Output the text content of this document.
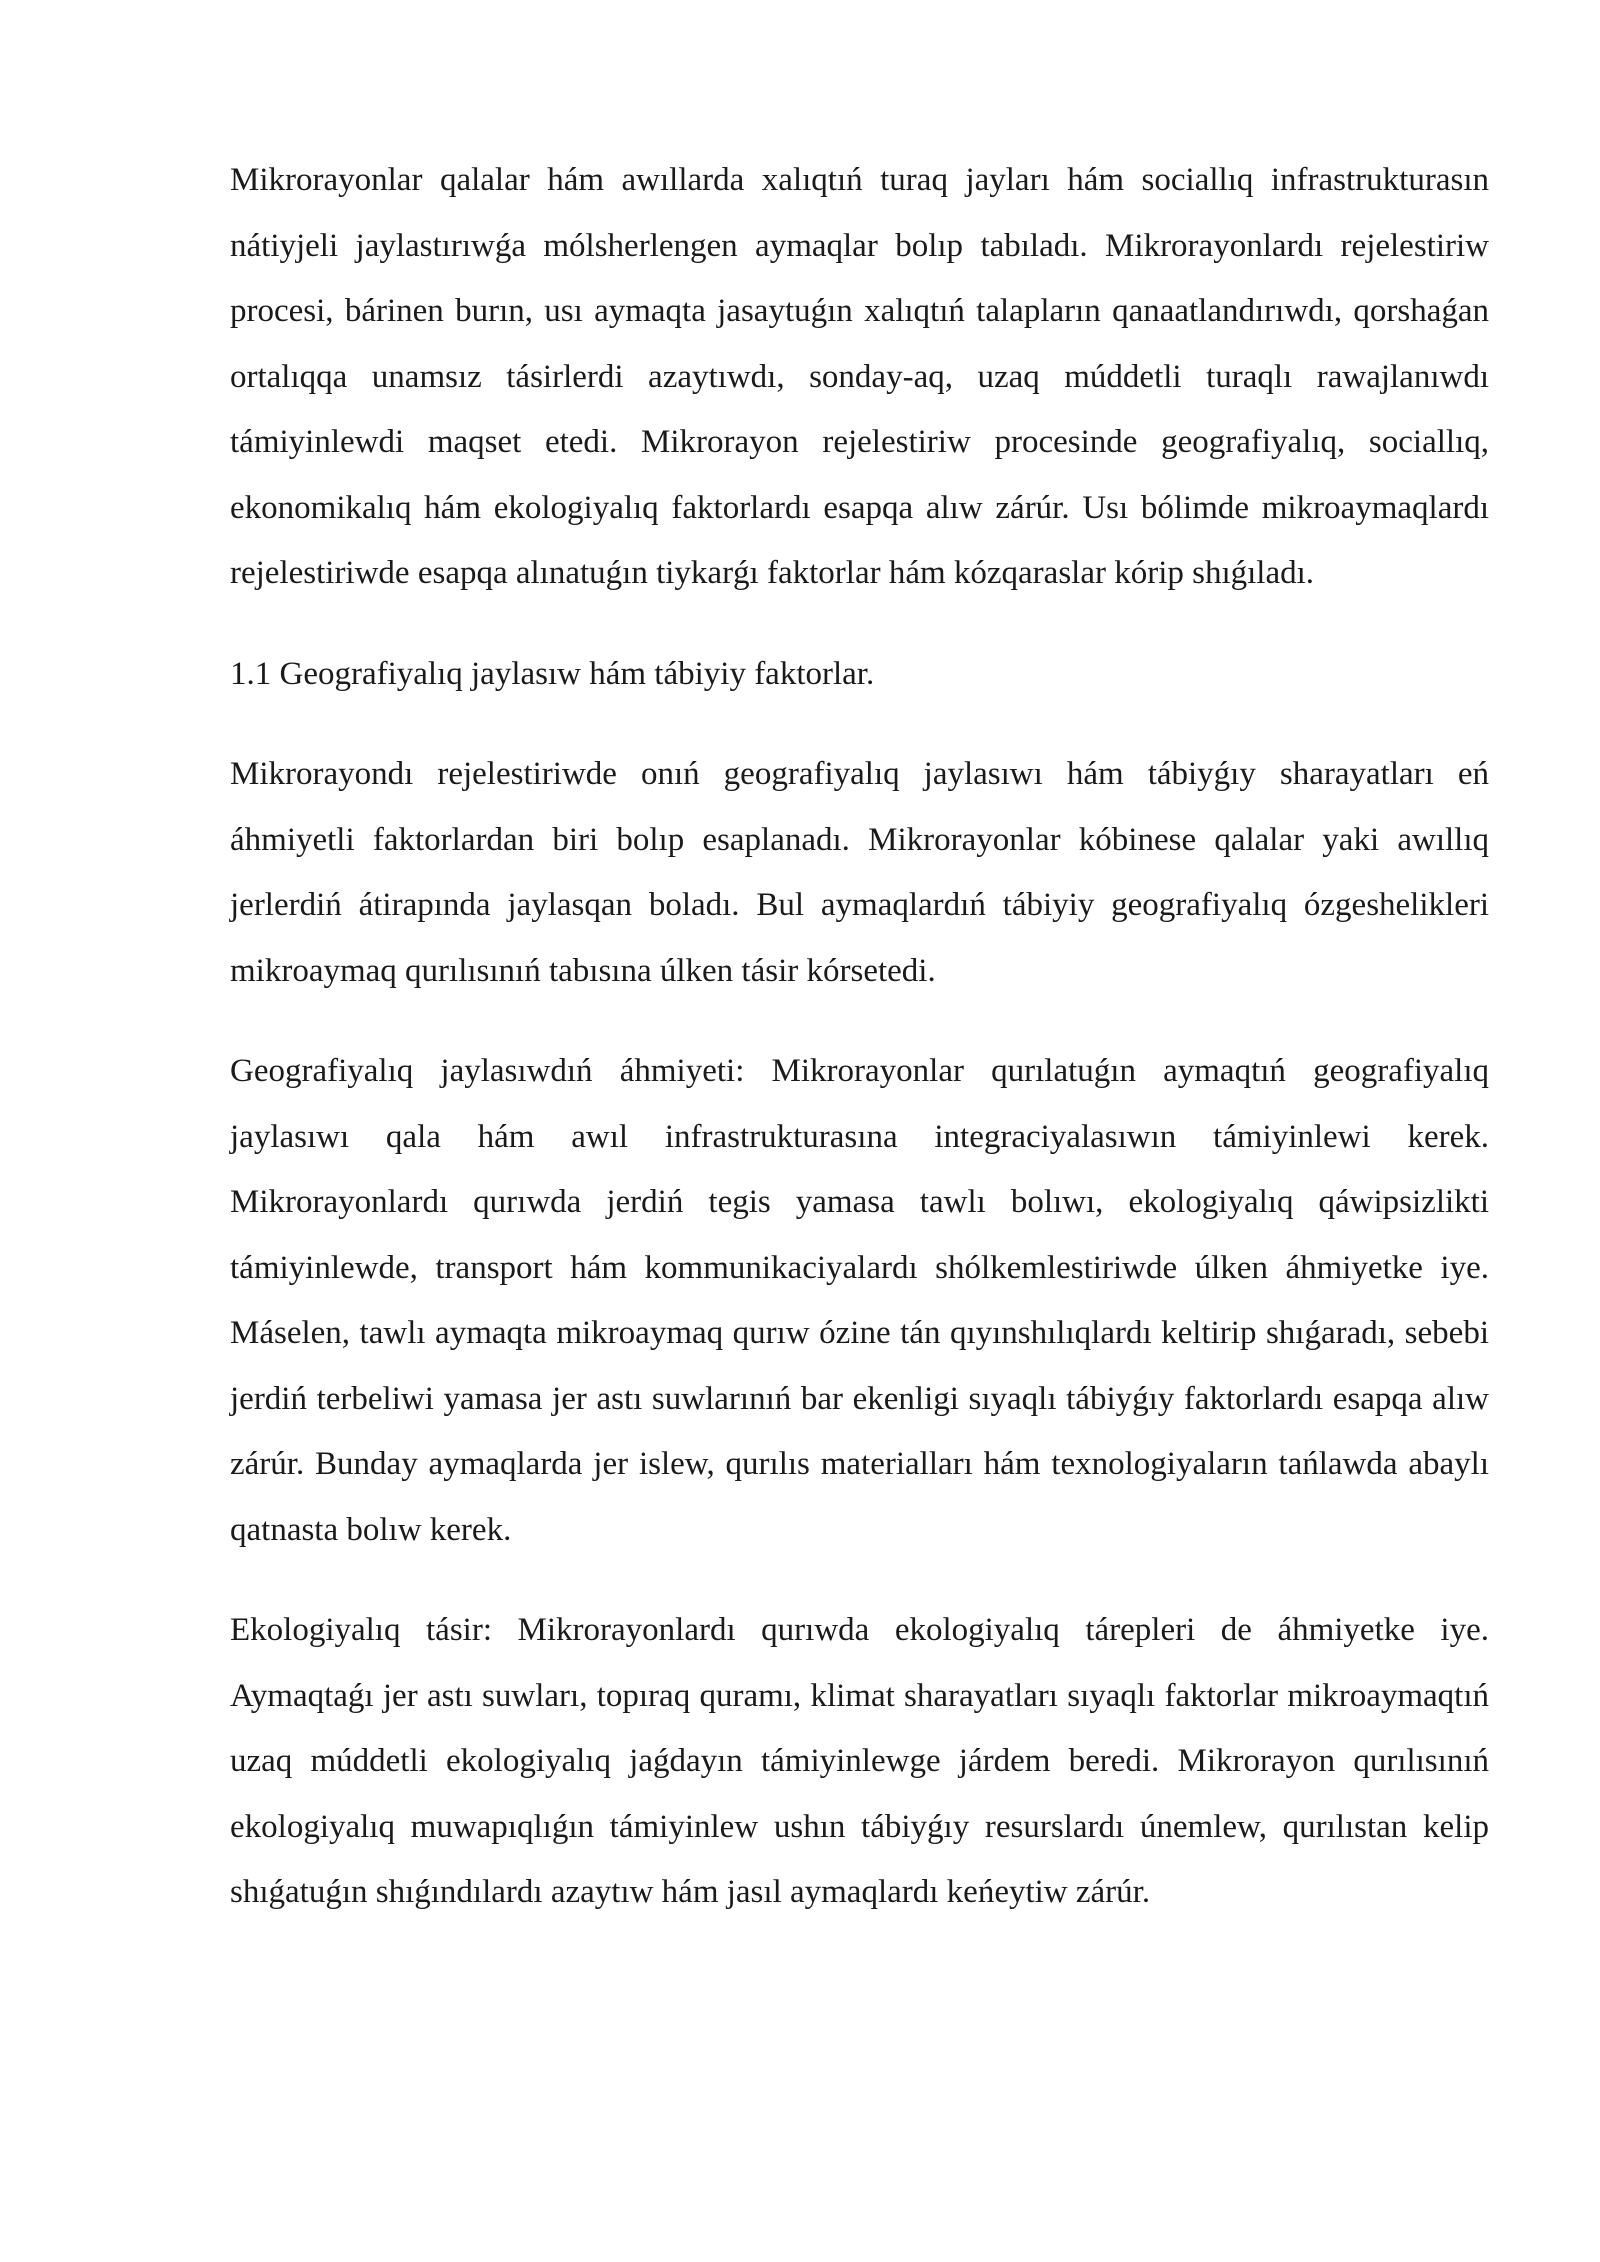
Mikrorayonlar qalalar hám awıllarda xalıqtıń turaq jayları hám sociallıq infrastrukturasın nátiyjeli jaylastırıwǵa mólsherlengen aymaqlar bolıp tabıladı. Mikrorayonlardı rejelestiriw procesi, bárinen burın, usı aymaqta jasaytuǵın xalıqtıń talapların qanaatlandırıwdı, qorshaǵan ortalıqqa unamsız tásirlerdi azaytıwdı, sonday-aq, uzaq múddetli turaqlı rawajlanıwdı támiyinlewdi maqset etedi. Mikrorayon rejelestiriw procesinde geografiyalıq, sociallıq, ekonomikalıq hám ekologiyalıq faktorlardı esapqa alıw zárúr. Usı bólimde mikroaymaqlardı rejelestiriwde esapqa alınatuǵın tiykarǵı faktorlar hám kózqaraslar kórip shıǵıladı.

1.1 Geografiyalıq jaylasıw hám tábiyiy faktorlar.

Mikrorayondı rejelestiriwde onıń geografiyalıq jaylasıwı hám tábiyǵıy sharayatları eń áhmiyetli faktorlardan biri bolıp esaplanadı. Mikrorayonlar kóbinese qalalar yaki awıllıq jerlerdiń átirapında jaylasqan boladı. Bul aymaqlardıń tábiyiy geografiyalıq ózgeshelikleri mikroaymaq qurılısınıń tabısına úlken tásir kórsetedi.

Geografiyalıq jaylasıwdıń áhmiyeti: Mikrorayonlar qurılatuǵın aymaqtıń geografiyalıq jaylasıwı qala hám awıl infrastrukturasına integraciyalasıwın támiyinlewi kerek. Mikrorayonlardı qurıwda jerdiń tegis yamasa tawlı bolıwı, ekologiyalıq qáwipsizlikti támiyinlewde, transport hám kommunikaciyalardı shólkemlestiriwde úlken áhmiyetke iye. Máselen, tawlı aymaqta mikroaymaq qurıw ózine tán qıyınshılıqlardı keltirip shıǵaradı, sebebi jerdiń terbeliwi yamasa jer astı suwlarınıń bar ekenligi sıyaqlı tábiyǵıy faktorlardı esapqa alıw zárúr. Bunday aymaqlarda jer islew, qurılıs materialları hám texnologiyaların tańlawda abaylı qatnasta bolıw kerek.

Ekologiyalıq tásir: Mikrorayonlardı qurıwda ekologiyalıq tárepleri de áhmiyetke iye. Aymaqtaǵı jer astı suwları, topıraq quramı, klimat sharayatları sıyaqlı faktorlar mikroaymaqtıń uzaq múddetli ekologiyalıq jaǵdayın támiyinlewge járdem beredi. Mikrorayon qurılısınıń ekologiyalıq muwapıqlıǵın támiyinlew ushın tábiyǵıy resurslardı únemlew, qurılıstan kelip shıǵatuǵın shıǵındılardı azaytıw hám jasıl aymaqlardı keńeytiw zárúr.
